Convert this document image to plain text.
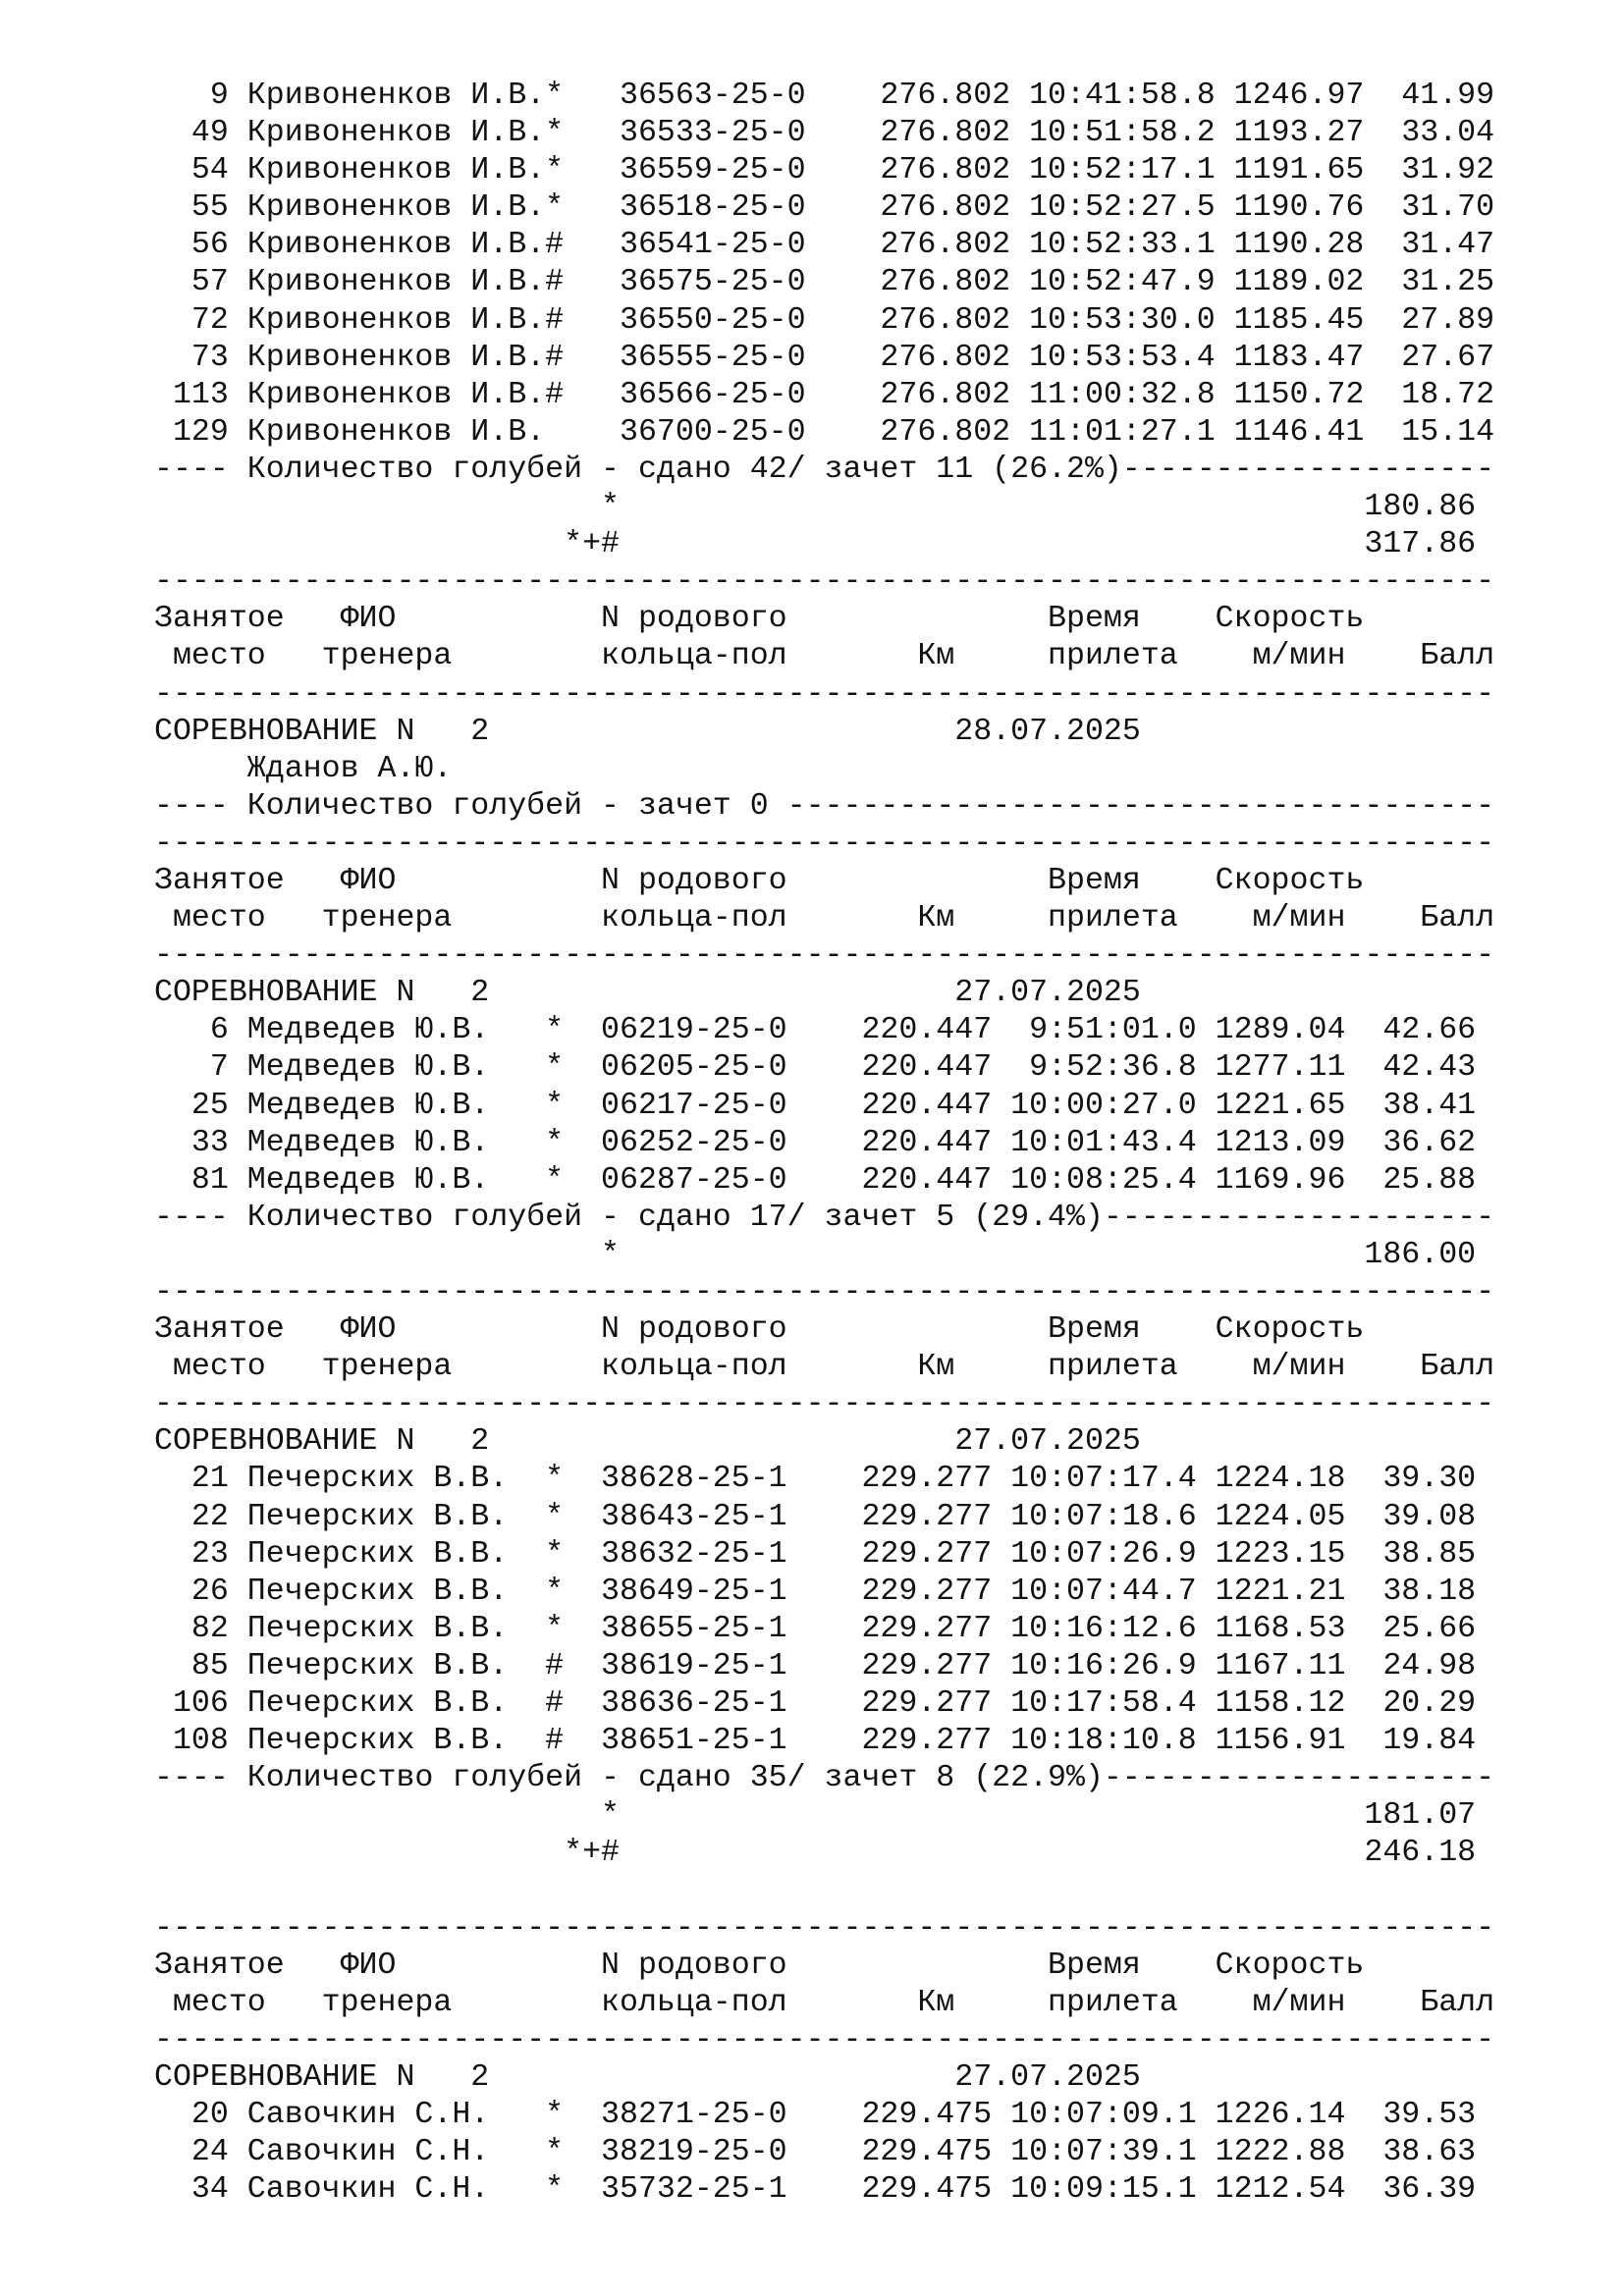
9 Кривоненков И.В.*   36563-25-0    276.802 10:41:58.8 1246.97  41.99
49 Кривоненков И.В.*   36533-25-0    276.802 10:51:58.2 1193.27  33.04
54 Кривоненков И.В.*   36559-25-0    276.802 10:52:17.1 1191.65  31.92
55 Кривоненков И.В.*   36518-25-0    276.802 10:52:27.5 1190.76  31.70
56 Кривоненков И.В.#   36541-25-0    276.802 10:52:33.1 1190.28  31.47
57 Кривоненков И.В.#   36575-25-0    276.802 10:52:47.9 1189.02  31.25
72 Кривоненков И.В.#   36550-25-0    276.802 10:53:30.0 1185.45  27.89
73 Кривоненков И.В.#   36555-25-0    276.802 10:53:53.4 1183.47  27.67
113 Кривоненков И.В.#   36566-25-0    276.802 11:00:32.8 1150.72  18.72
129 Кривоненков И.В.    36700-25-0    276.802 11:01:27.1 1146.41  15.14
---- Количество голубей - сдано 42/ зачет 11 (26.2%)--------------------
*                                        180.86
*+#                                        317.86
------------------------------------------------------------------------
Занятое   ФИО           N родового              Время    Скорость
место   тренера        кольца-пол       Км     прилета    м/мин    Балл
------------------------------------------------------------------------
СОРЕВНОВАНИЕ N   2                         28.07.2025
Жданов А.Ю.
---- Количество голубей - зачет 0 --------------------------------------
------------------------------------------------------------------------
Занятое   ФИО           N родового              Время    Скорость
место   тренера        кольца-пол       Км     прилета    м/мин    Балл
------------------------------------------------------------------------
СОРЕВНОВАНИЕ N   2                         27.07.2025
6 Медведев Ю.В.   *  06219-25-0    220.447  9:51:01.0 1289.04  42.66
7 Медведев Ю.В.   *  06205-25-0    220.447  9:52:36.8 1277.11  42.43
25 Медведев Ю.В.   *  06217-25-0    220.447 10:00:27.0 1221.65  38.41
33 Медведев Ю.В.   *  06252-25-0    220.447 10:01:43.4 1213.09  36.62
81 Медведев Ю.В.   *  06287-25-0    220.447 10:08:25.4 1169.96  25.88
---- Количество голубей - сдано 17/ зачет 5 (29.4%)---------------------
*                                        186.00
------------------------------------------------------------------------
Занятое   ФИО           N родового              Время    Скорость
место   тренера        кольца-пол       Км     прилета    м/мин    Балл
------------------------------------------------------------------------
СОРЕВНОВАНИЕ N   2                         27.07.2025
21 Печерских В.В.  *  38628-25-1    229.277 10:07:17.4 1224.18  39.30
22 Печерских В.В.  *  38643-25-1    229.277 10:07:18.6 1224.05  39.08
23 Печерских В.В.  *  38632-25-1    229.277 10:07:26.9 1223.15  38.85
26 Печерских В.В.  *  38649-25-1    229.277 10:07:44.7 1221.21  38.18
82 Печерских В.В.  *  38655-25-1    229.277 10:16:12.6 1168.53  25.66
85 Печерских В.В.  #  38619-25-1    229.277 10:16:26.9 1167.11  24.98
106 Печерских В.В.  #  38636-25-1    229.277 10:17:58.4 1158.12  20.29
108 Печерских В.В.  #  38651-25-1    229.277 10:18:10.8 1156.91  19.84
---- Количество голубей - сдано 35/ зачет 8 (22.9%)---------------------
*                                        181.07
*+#                                        246.18
------------------------------------------------------------------------
Занятое   ФИО           N родового              Время    Скорость
место   тренера        кольца-пол       Км     прилета    м/мин    Балл
------------------------------------------------------------------------
СОРЕВНОВАНИЕ N   2                         27.07.2025
20 Савочкин С.Н.   *  38271-25-0    229.475 10:07:09.1 1226.14  39.53
24 Савочкин С.Н.   *  38219-25-0    229.475 10:07:39.1 1222.88  38.63
34 Савочкин С.Н.   *  35732-25-1    229.475 10:09:15.1 1212.54  36.39
